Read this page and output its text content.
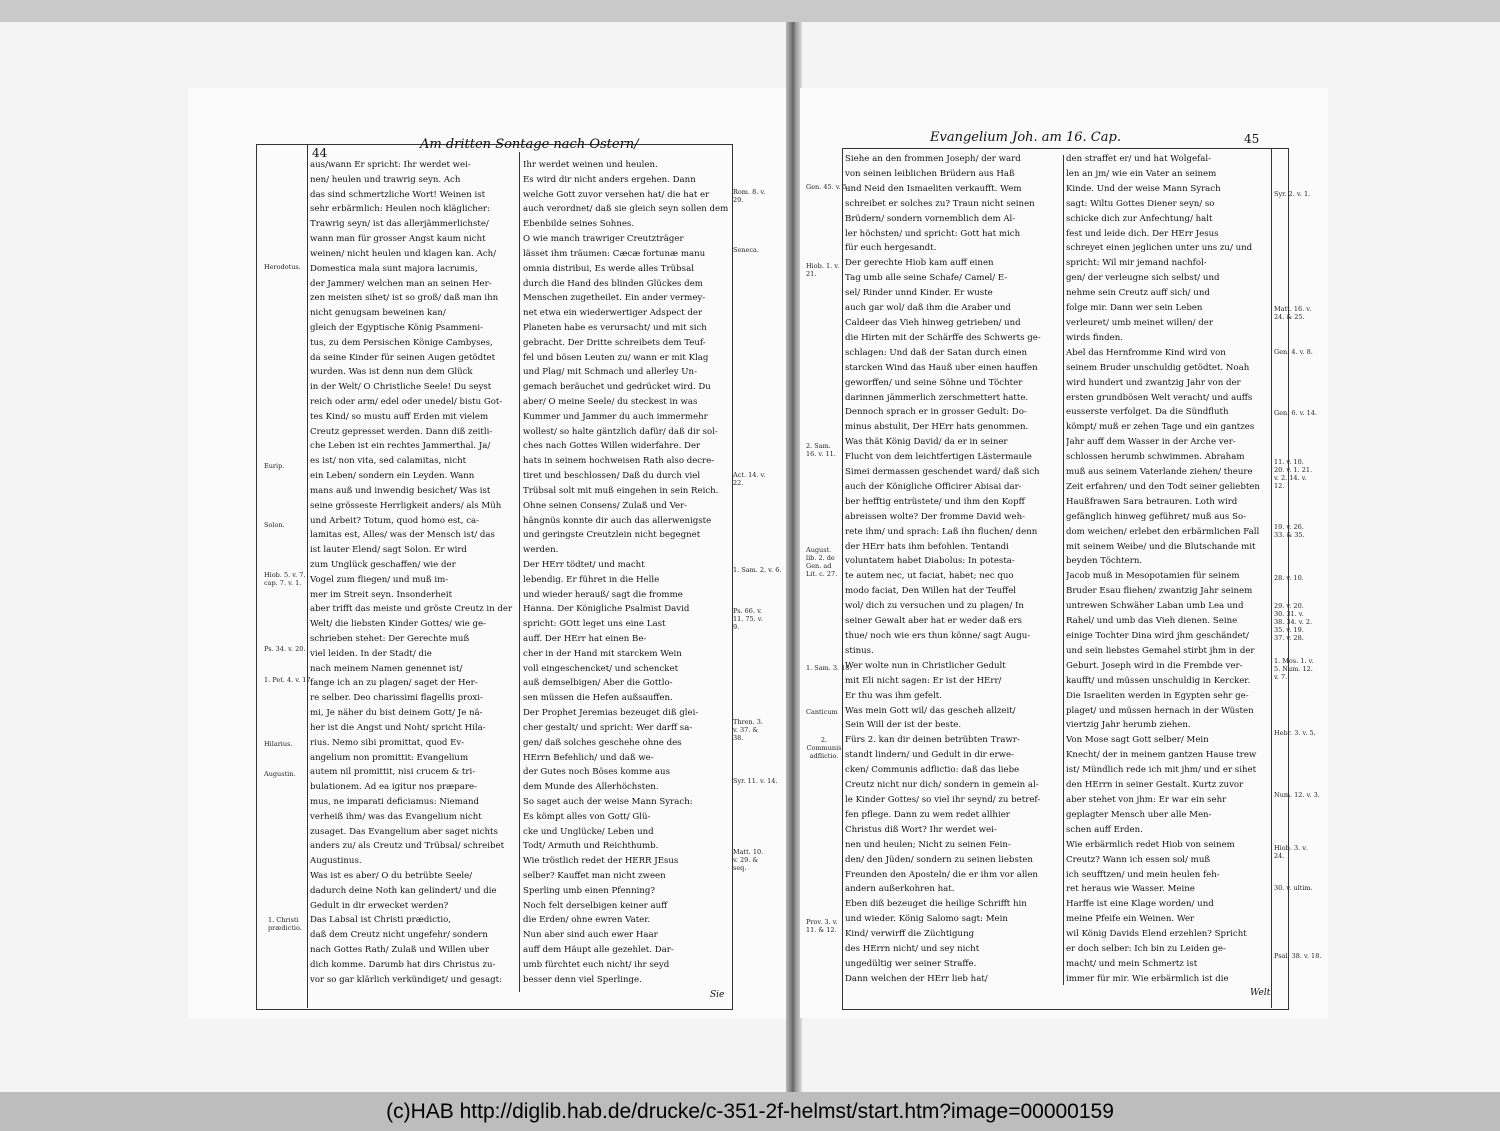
44
Am dritten Sontage nach Ostern/
aus/wann Er spricht: Ihr werdet wei-
nen/ heulen und trawrig seyn. Ach
das sind schmertzliche Wort! Weinen ist
sehr erbärmlich: Heulen noch kläglicher:
Trawrig seyn/ ist das allerjämmerlichste/
wann man für grosser Angst kaum nicht
weinen/ nicht heulen und klagen kan. Ach/
Domestica mala sunt majora lacrumis,
der Jammer/ welchen man an seinen Her-
zen meisten sihet/ ist so groß/ daß man ihn
nicht genugsam beweinen kan/
gleich der Egyptische König Psammeni-
tus, zu dem Persischen Könige Cambyses,
da seine Kinder für seinen Augen getödtet
wurden. Was ist denn nun dem Glück
in der Welt/ O Christliche Seele! Du seyst
reich oder arm/ edel oder unedel/ bistu Got-
tes Kind/ so mustu auff Erden mit vielem
Creutz gepresset werden. Dann diß zeitli-
che Leben ist ein rechtes Jammerthal. Ja/
es ist/ non vita, sed calamitas, nicht
ein Leben/ sondern ein Leyden. Wann
mans auß und inwendig besichet/ Was ist
seine grösseste Herrligkeit anders/ als Müh
und Arbeit? Totum, quod homo est, ca-
lamitas est, Alles/ was der Mensch ist/ das
ist lauter Elend/ sagt Solon. Er wird
zum Unglück geschaffen/ wie der
Vogel zum fliegen/ und muß im-
mer im Streit seyn. Insonderheit
aber trifft das meiste und gröste Creutz in der
Welt/ die liebsten Kinder Gottes/ wie ge-
schrieben stehet: Der Gerechte muß
viel leiden. In der Stadt/ die
nach meinem Namen genennet ist/
fange ich an zu plagen/ saget der Her-
re selber. Deo charissimi flagellis proxi-
mi, Je näher du bist deinem Gott/ Je nä-
her ist die Angst und Noht/ spricht Hila-
rius. Nemo sibi promittat, quod Ev-
angelium non promittit: Evangelium
autem nil promittit, nisi crucem & tri-
bulationem. Ad ea igitur nos præpare-
mus, ne imparati deficiamus: Niemand
verheiß ihm/ was das Evangelium nicht
zusaget. Das Evangelium aber saget nichts
anders zu/ als Creutz und Trübsal/ schreibet
Augustinus.
Was ist es aber/ O du betrübte Seele/
dadurch deine Noth kan gelindert/ und die
Gedult in dir erwecket werden?
Das Labsal ist Christi prædictio,
daß dem Creutz nicht ungefehr/ sondern
nach Gottes Rath/ Zulaß und Willen uber
dich komme. Darumb hat dirs Christus zu-
vor so gar klärlich verkündiget/ und gesagt:
Ihr werdet weinen und heulen.
Es wird dir nicht anders ergehen. Dann
welche Gott zuvor versehen hat/ die hat er
auch verordnet/ daß sie gleich seyn sollen dem
Ebenbilde seines Sohnes.
O wie manch trawriger Creutzträger
lässet ihm träumen: Cæcæ fortunæ manu
omnia distribui, Es werde alles Trübsal
durch die Hand des blinden Glückes dem
Menschen zugetheilet. Ein ander vermey-
net etwa ein wiederwertiger Adspect der
Planeten habe es verursacht/ und mit sich
gebracht. Der Dritte schreibets dem Teuf-
fel und bösen Leuten zu/ wann er mit Klag
und Plag/ mit Schmach und allerley Un-
gemach beräuchet und gedrücket wird. Du
aber/ O meine Seele/ du steckest in was
Kummer und Jammer du auch immermehr
wollest/ so halte gäntzlich dafür/ daß dir sol-
ches nach Gottes Willen widerfahre. Der
hats in seinem hochweisen Rath also decre-
tiret und beschlossen/ Daß du durch viel
Trübsal solt mit muß eingehen in sein Reich.
Ohne seinen Consens/ Zulaß und Ver-
hängnüs konnte dir auch das allerwenigste
und geringste Creutzlein nicht begegnet
werden.
Der HErr tödtet/ und macht
lebendig. Er führet in die Helle
und wieder herauß/ sagt die fromme
Hanna. Der Königliche Psalmist David
spricht: GOtt leget uns eine Last
auff. Der HErr hat einen Be-
cher in der Hand mit starckem Wein
voll eingeschencket/ und schencket
auß demselbigen/ Aber die Gottlo-
sen müssen die Hefen außsauffen.
Der Prophet Jeremias bezeuget diß glei-
cher gestalt/ und spricht: Wer darff sa-
gen/ daß solches geschehe ohne des
HErrn Befehlich/ und daß we-
der Gutes noch Böses komme aus
dem Munde des Allerhöchsten.
So saget auch der weise Mann Syrach:
Es kömpt alles von Gott/ Glü-
cke und Unglücke/ Leben und
Todt/ Armuth und Reichthumb.
Wie tröstlich redet der HERR JEsus
selber? Kauffet man nicht zween
Sperling umb einen Pfenning?
Noch felt derselbigen keiner auff
die Erden/ ohne ewren Vater.
Nun aber sind auch ewer Haar
auff dem Häupt alle gezehlet. Dar-
umb fürchtet euch nicht/ ihr seyd
besser denn viel Sperlinge.
Sie
Herodotus.
Eurip.
Solon.
Hiob. 5. v. 7. cap. 7. v. 1.
Ps. 34. v. 20.
1. Pet. 4. v. 17.
Hilarius.
Augustin.
1. Christi prædictio.
Rom. 8. v. 29.
Seneca.
Act. 14. v. 22.
1. Sam. 2. v. 6.
Ps. 66. v. 11. 75. v. 9.
Thren. 3. v. 37. & 38.
Syr. 11. v. 14.
Matt. 10. v. 29. & seq.
45
Evangelium Joh. am 16. Cap.
Siehe an den frommen Joseph/ der ward
von seinen leiblichen Brüdern aus Haß
und Neid den Ismaeliten verkaufft. Wem
schreibet er solches zu? Traun nicht seinen
Brüdern/ sondern vornemblich dem Al-
ler höchsten/ und spricht: Gott hat mich
für euch hergesandt.
Der gerechte Hiob kam auff einen
Tag umb alle seine Schafe/ Camel/ E-
sel/ Rinder unnd Kinder. Er wuste
auch gar wol/ daß ihm die Araber und
Caldeer das Vieh hinweg getrieben/ und
die Hirten mit der Schärffe des Schwerts ge-
schlagen: Und daß der Satan durch einen
starcken Wind das Hauß uber einen hauffen
geworffen/ und seine Söhne und Töchter
darinnen jämmerlich zerschmettert hatte.
Dennoch sprach er in grosser Gedult: Do-
minus abstulit, Der HErr hats genommen.
Was thät König David/ da er in seiner
Flucht von dem leichtfertigen Lästermaule
Simei dermassen geschendet ward/ daß sich
auch der Königliche Officirer Abisai dar-
ber hefftig entrüstete/ und ihm den Kopff
abreissen wolte? Der fromme David weh-
rete ihm/ und sprach: Laß ihn fluchen/ denn
der HErr hats ihm befohlen. Tentandi
voluntatem habet Diabolus: In potesta-
te autem nec, ut faciat, habet; nec quo
modo faciat, Den Willen hat der Teuffel
wol/ dich zu versuchen und zu plagen/ In
seiner Gewalt aber hat er weder daß ers
thue/ noch wie ers thun könne/ sagt Augu-
stinus.
Wer wolte nun in Christlicher Gedult
mit Eli nicht sagen: Er ist der HErr/
Er thu was ihm gefelt.
Was mein Gott wil/ das gescheh allzeit/
Sein Will der ist der beste.
Fürs 2. kan dir deinen betrübten Trawr-
standt lindern/ und Gedult in dir erwe-
cken/ Communis adflictio: daß das liebe
Creutz nicht nur dich/ sondern in gemein al-
le Kinder Gottes/ so viel ihr seynd/ zu betref-
fen pflege. Dann zu wem redet allhier
Christus diß Wort? Ihr werdet wei-
nen und heulen; Nicht zu seinen Fein-
den/ den Jüden/ sondern zu seinen liebsten
Freunden den Aposteln/ die er ihm vor allen
andern außerkohren hat.
Eben diß bezeuget die heilige Schrifft hin
und wieder. König Salomo sagt: Mein
Kind/ verwirff die Züchtigung
des HErrn nicht/ und sey nicht
ungedültig wer seiner Straffe.
Dann welchen der HErr lieb hat/
den straffet er/ und hat Wolgefal-
len an jm/ wie ein Vater an seinem
Kinde. Und der weise Mann Syrach
sagt: Wiltu Gottes Diener seyn/ so
schicke dich zur Anfechtung/ halt
fest und leide dich. Der HErr Jesus
schreyet einen jeglichen unter uns zu/ und
spricht: Wil mir jemand nachfol-
gen/ der verleugne sich selbst/ und
nehme sein Creutz auff sich/ und
folge mir. Dann wer sein Leben
verleuret/ umb meinet willen/ der
wirds finden.
Abel das Hernfromme Kind wird von
seinem Bruder unschuldig getödtet. Noah
wird hundert und zwantzig Jahr von der
ersten grundbösen Welt veracht/ und auffs
eusserste verfolget. Da die Sündfluth
kömpt/ muß er zehen Tage und ein gantzes
Jahr auff dem Wasser in der Arche ver-
schlossen herumb schwimmen. Abraham
muß aus seinem Vaterlande ziehen/ theure
Zeit erfahren/ und den Todt seiner geliebten
Haußfrawen Sara betrauren. Loth wird
gefänglich hinweg geführet/ muß aus So-
dom weichen/ erlebet den erbärmlichen Fall
mit seinem Weibe/ und die Blutschande mit
beyden Töchtern.
Jacob muß in Mesopotamien für seinem
Bruder Esau fliehen/ zwantzig Jahr seinem
untrewen Schwäher Laban umb Lea und
Rahel/ und umb das Vieh dienen. Seine
einige Tochter Dina wird jhm geschändet/
und sein liebstes Gemahel stirbt jhm in der
Geburt. Joseph wird in die Frembde ver-
kaufft/ und müssen unschuldig in Kercker.
Die Israeliten werden in Egypten sehr ge-
plaget/ und müssen hernach in der Wüsten
viertzig Jahr herumb ziehen.
Von Mose sagt Gott selber/ Mein
Knecht/ der in meinem gantzen Hause trew
ist/ Mündlich rede ich mit jhm/ und er sihet
den HErrn in seiner Gestalt. Kurtz zuvor
aber stehet von jhm: Er war ein sehr
geplagter Mensch uber alle Men-
schen auff Erden.
Wie erbärmlich redet Hiob von seinem
Creutz? Wann ich essen sol/ muß
ich seufftzen/ und mein heulen feh-
ret heraus wie Wasser. Meine
Harffe ist eine Klage worden/ und
meine Pfeife ein Weinen. Wer
wil König Davids Elend erzehlen? Spricht
er doch selber: Ich bin zu Leiden ge-
macht/ und mein Schmertz ist
immer für mir. Wie erbärmlich ist die
Welt
Gen. 45. v. 5.
Hiob. 1. v. 21.
2. Sam. 16. v. 11.
August. lib. 2. de Gen. ad Lit. c. 27.
1. Sam. 3. 18.
Canticum
2. Communis adflictio.
Prov. 3. v. 11. & 12.
Syr. 2. v. 1.
Matt. 16. v. 24. & 25.
Gen. 4. v. 8.
Gen. 6. v. 14.
11. v. 10. 20. v. 1. 21. v. 2. 14. v. 12.
19. v. 26. 33. & 35.
28. v. 10.
29. v. 20. 30. 31. v. 38. 34. v. 2. 35. v. 19. 37. v. 28.
1. Mos. 1. v. 5. Num. 12. v. 7.
Hebr. 3. v. 5.
Num. 12. v. 3.
Hiob. 3. v. 24.
30. v. ultim.
Psal. 38. v. 18.
(c)HAB http://diglib.hab.de/drucke/c-351-2f-helmst/start.htm?image=00000159
